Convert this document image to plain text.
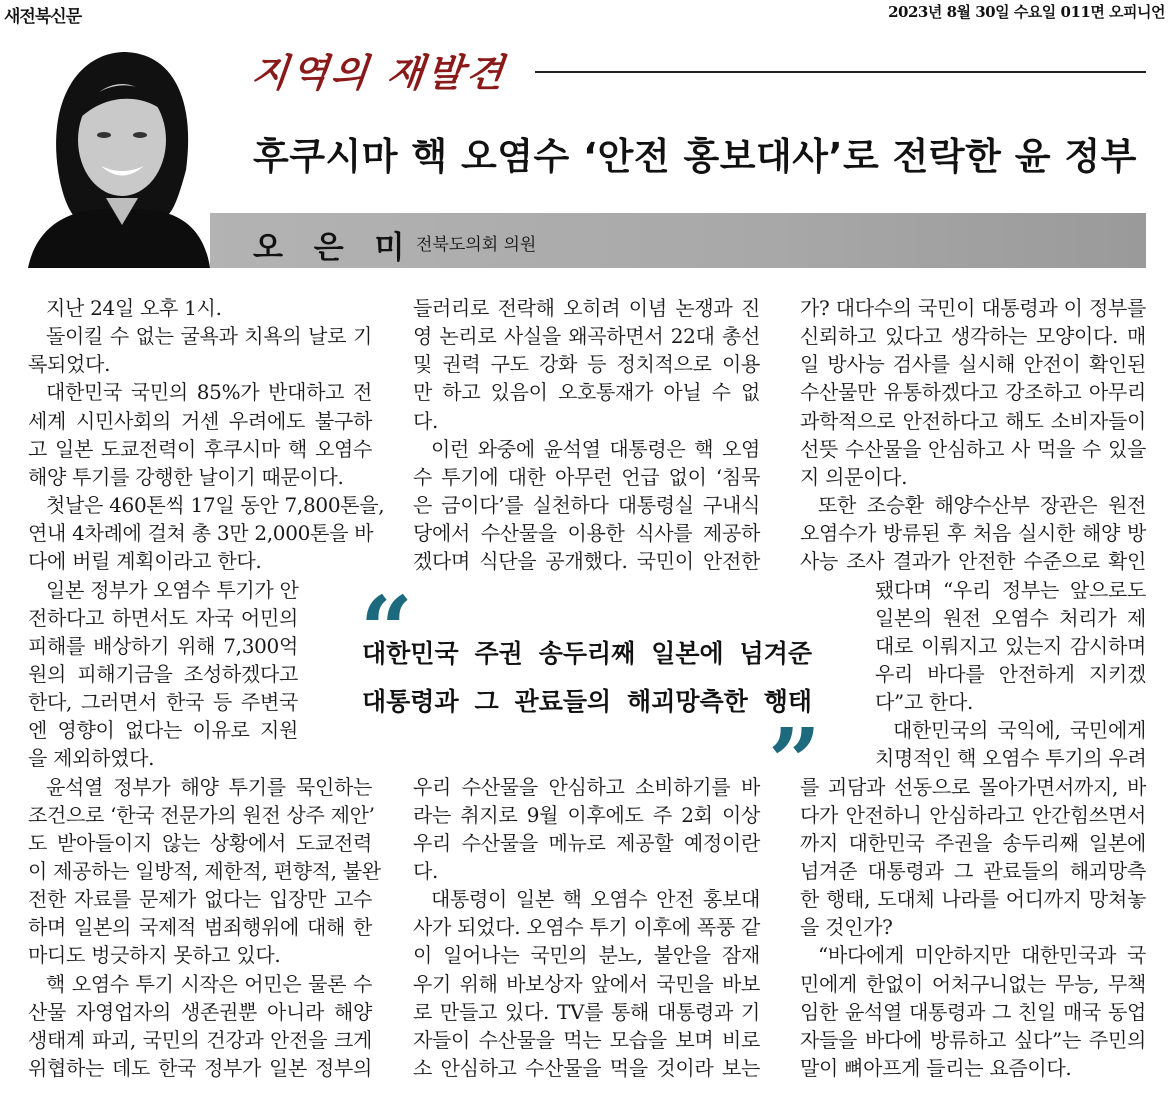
새전북신문	2023년 8월 30일 수요일 011면 오피니언
지역의 재발견
후쿠시마 핵 오염수 ‘안전 홍보대사’로 전락한 윤 정부
오 은 미 전북도의회 의원
“
대한민국 주권 송두리째 일본에 넘겨준
대통령과 그 관료들의 해괴망측한 행태
”
지난 24일 오후 1시.
돌이킬 수 없는 굴욕과 치욕의 날로 기
록되었다.
대한민국 국민의 85%가 반대하고 전
세계 시민사회의 거센 우려에도 불구하
고 일본 도쿄전력이 후쿠시마 핵 오염수
해양 투기를 강행한 날이기 때문이다.
첫날은 460톤씩 17일 동안 7,800톤을,
연내 4차례에 걸쳐 총 3만 2,000톤을 바
다에 버릴 계획이라고 한다.
일본 정부가 오염수 투기가 안
전하다고 하면서도 자국 어민의
피해를 배상하기 위해 7,300억
원의 피해기금을 조성하겠다고
한다, 그러면서 한국 등 주변국
엔 영향이 없다는 이유로 지원
을 제외하였다.
윤석열 정부가 해양 투기를 묵인하는
조건으로 ‘한국 전문가의 원전 상주 제안’
도 받아들이지 않는 상황에서 도쿄전력
이 제공하는 일방적, 제한적, 편향적, 불완
전한 자료를 문제가 없다는 입장만 고수
하며 일본의 국제적 범죄행위에 대해 한
마디도 벙긋하지 못하고 있다.
핵 오염수 투기 시작은 어민은 물론 수
산물 자영업자의 생존권뿐 아니라 해양
생태계 파괴, 국민의 건강과 안전을 크게
위협하는 데도 한국 정부가 일본 정부의
들러리로 전락해 오히려 이념 논쟁과 진
영 논리로 사실을 왜곡하면서 22대 총선
및 권력 구도 강화 등 정치적으로 이용
만 하고 있음이 오호통재가 아닐 수 없
다.
이런 와중에 윤석열 대통령은 핵 오염
수 투기에 대한 아무런 언급 없이 ‘침묵
은 금이다’를 실천하다 대통령실 구내식
당에서 수산물을 이용한 식사를 제공하
겠다며 식단을 공개했다. 국민이 안전한
우리 수산물을 안심하고 소비하기를 바
라는 취지로 9월 이후에도 주 2회 이상
우리 수산물을 메뉴로 제공할 예정이란
다.
대통령이 일본 핵 오염수 안전 홍보대
사가 되었다. 오염수 투기 이후에 폭풍 같
이 일어나는 국민의 분노, 불안을 잠재
우기 위해 바보상자 앞에서 국민을 바보
로 만들고 있다. TV를 통해 대통령과 기
자들이 수산물을 먹는 모습을 보며 비로
소 안심하고 수산물을 먹을 것이라 보는
가? 대다수의 국민이 대통령과 이 정부를
신뢰하고 있다고 생각하는 모양이다. 매
일 방사능 검사를 실시해 안전이 확인된
수산물만 유통하겠다고 강조하고 아무리
과학적으로 안전하다고 해도 소비자들이
선뜻 수산물을 안심하고 사 먹을 수 있을
지 의문이다.
또한 조승환 해양수산부 장관은 원전
오염수가 방류된 후 처음 실시한 해양 방
사능 조사 결과가 안전한 수준으로 확인
됐다며 “우리 정부는 앞으로도
일본의 원전 오염수 처리가 제
대로 이뤄지고 있는지 감시하며
우리 바다를 안전하게 지키겠
다”고 한다.
대한민국의 국익에, 국민에게
치명적인 핵 오염수 투기의 우려
를 괴담과 선동으로 몰아가면서까지, 바
다가 안전하니 안심하라고 안간힘쓰면서
까지 대한민국 주권을 송두리째 일본에
넘겨준 대통령과 그 관료들의 해괴망측
한 행태, 도대체 나라를 어디까지 망쳐놓
을 것인가?
“바다에게 미안하지만 대한민국과 국
민에게 한없이 어처구니없는 무능, 무책
임한 윤석열 대통령과 그 친일 매국 동업
자들을 바다에 방류하고 싶다”는 주민의
말이 뼈아프게 들리는 요즘이다.
